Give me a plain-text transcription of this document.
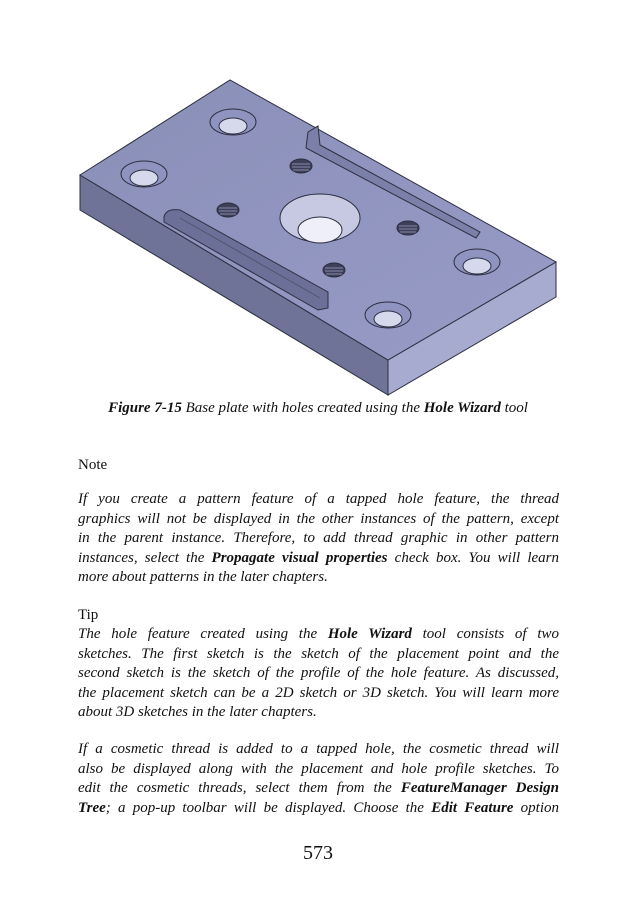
Figure 7-15 Base plate with holes created using the Hole Wizard tool
Note
If you create a pattern feature of a tapped hole feature, the thread
graphics will not be displayed in the other instances of the pattern, except
in the parent instance. Therefore, to add thread graphic in other pattern
instances, select the Propagate visual properties check box. You will learn
more about patterns in the later chapters.
Tip
The hole feature created using the Hole Wizard tool consists of two
sketches. The first sketch is the sketch of the placement point and the
second sketch is the sketch of the profile of the hole feature. As discussed,
the placement sketch can be a 2D sketch or 3D sketch. You will learn more
about 3D sketches in the later chapters.
If a cosmetic thread is added to a tapped hole, the cosmetic thread will
also be displayed along with the placement and hole profile sketches. To
edit the cosmetic threads, select them from the FeatureManager Design
Tree; a pop-up toolbar will be displayed. Choose the Edit Feature option
573
